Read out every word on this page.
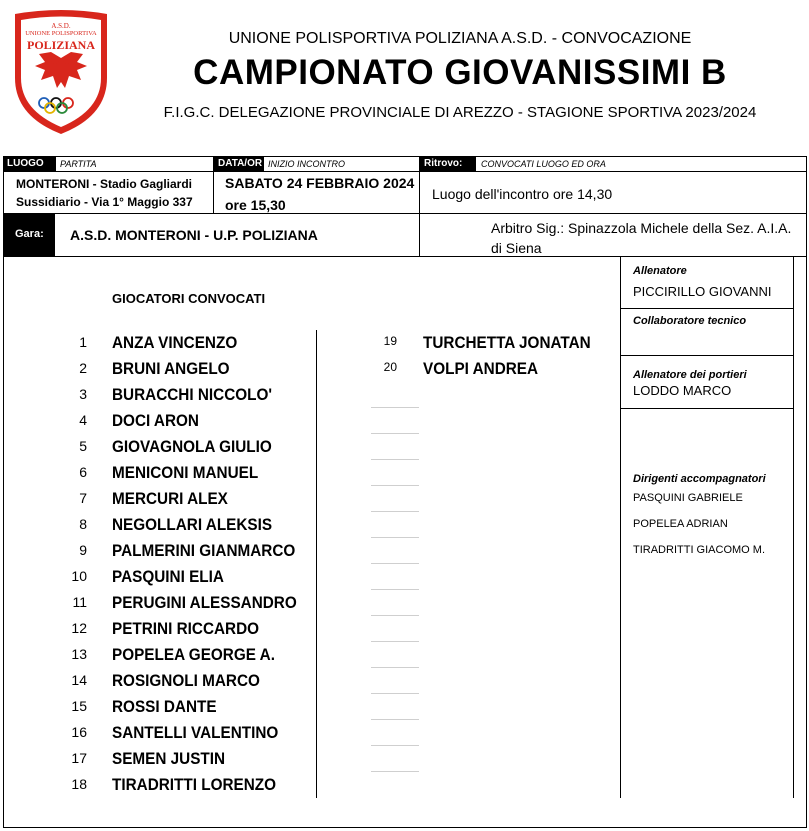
A.S.D.
UNIONE POLISPORTIVA
POLIZIANA	UNIONE POLISPORTIVA POLIZIANA A.S.D. - CONVOCAZIONE
CAMPIONATO GIOVANISSIMI B
F.I.G.C. DELEGAZIONE PROVINCIALE DI AREZZO - STAGIONE SPORTIVA 2023/2024
LUOGO	PARTITA	DATA/OR INIZIO INCONTRO	Ritrovo:	CONVOCATI LUOGO ED ORA
MONTERONI - Stadio Gagliardi
Sussidiario - Via 1° Maggio 337
SABATO 24 FEBBRAIO 2024
ore 15,30
Luogo dell'incontro ore 14,30
Gara: A.S.D. MONTERONI - U.P. POLIZIANA	Arbitro Sig.: Spinazzola Michele della Sez. A.I.A.
di Siena
GIOCATORI CONVOCATI
1 ANZA VINCENZO
2 BRUNI ANGELO
3 BURACCHI NICCOLO'
4 DOCI ARON
5 GIOVAGNOLA GIULIO
6 MENICONI MANUEL
7 MERCURI ALEX
8 NEGOLLARI ALEKSIS
9 PALMERINI GIANMARCO
10 PASQUINI ELIA
11 PERUGINI ALESSANDRO
12 PETRINI RICCARDO
13 POPELEA GEORGE A.
14 ROSIGNOLI MARCO
15 ROSSI DANTE
16 SANTELLI VALENTINO
17 SEMEN JUSTIN
18 TIRADRITTI LORENZO
19 TURCHETTA JONATAN
20 VOLPI ANDREA
Allenatore
PICCIRILLO GIOVANNI
Collaboratore tecnico
Allenatore dei portieri
LODDO MARCO
Dirigenti accompagnatori
PASQUINI GABRIELE
POPELEA ADRIAN
TIRADRITTI GIACOMO M.
